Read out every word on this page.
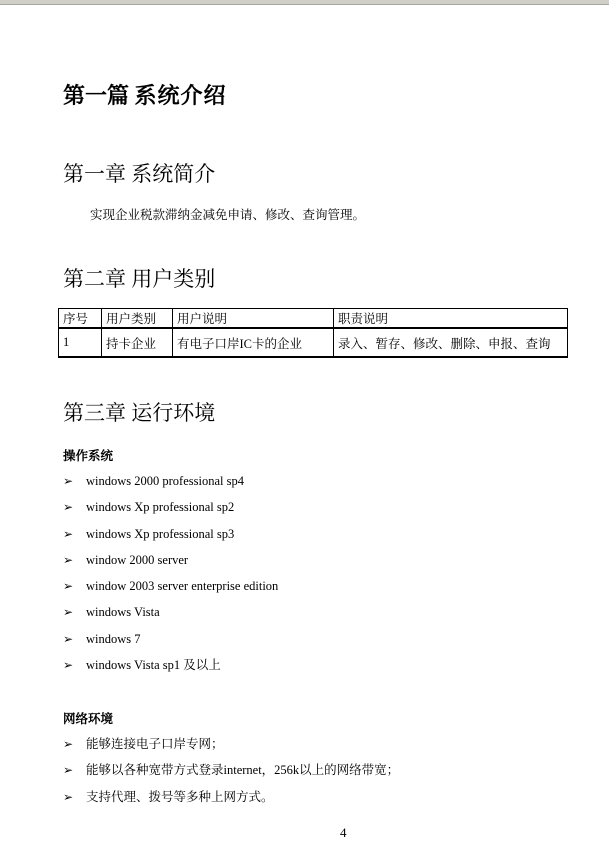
第一篇 系统介绍
第一章 系统简介
实现企业税款滞纳金减免申请、修改、查询管理。
第二章 用户类别
序号	用户类别	用户说明	职责说明
1	持卡企业	有电子口岸IC卡的企业	录入、暂存、修改、删除、申报、查询
第三章 运行环境
操作系统
➢ windows 2000 professional sp4
➢ windows Xp professional sp2
➢ windows Xp professional sp3
➢ window 2000 server
➢ window 2003 server enterprise edition
➢ windows Vista
➢ windows 7
➢ windows Vista sp1 及以上
网络环境
➢ 能够连接电子口岸专网；
➢ 能够以各种宽带方式登录internet，256k以上的网络带宽；
➢ 支持代理、拨号等多种上网方式。
4
